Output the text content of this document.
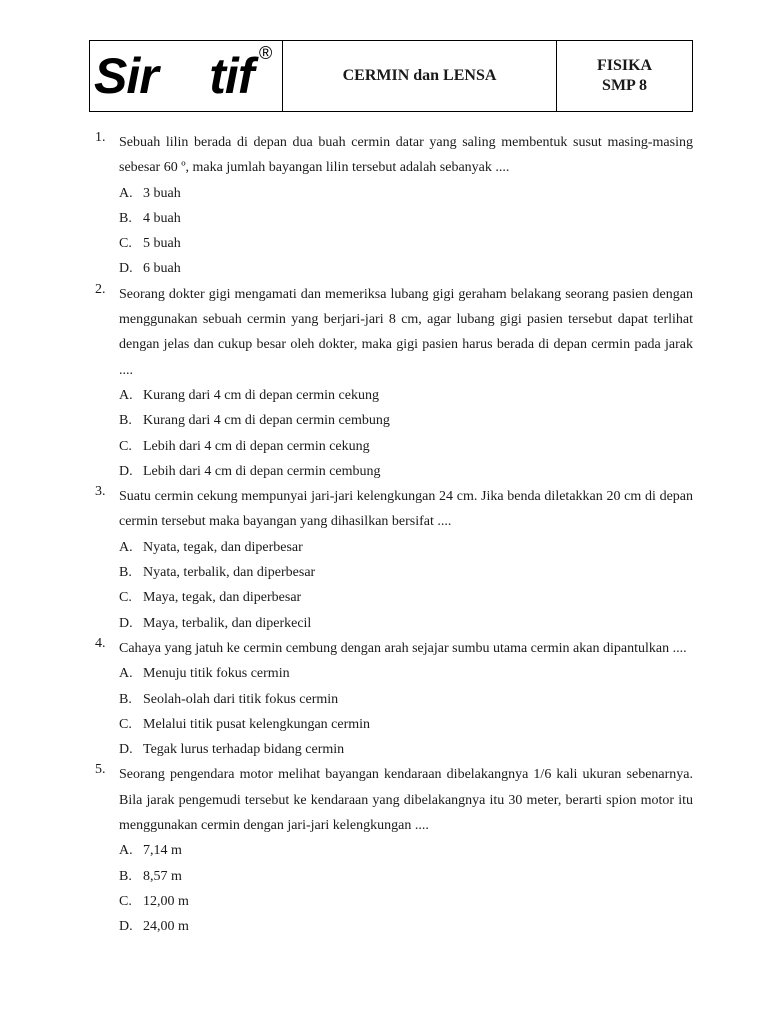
Sir tif ®
CERMIN dan LENSA
FISIKA
SMP 8
1. Sebuah lilin berada di depan dua buah cermin datar yang saling membentuk susut masing-masing sebesar 60 º, maka jumlah bayangan lilin tersebut adalah sebanyak ....
A. 3 buah
B. 4 buah
C. 5 buah
D. 6 buah
2. Seorang dokter gigi mengamati dan memeriksa lubang gigi geraham belakang seorang pasien dengan menggunakan sebuah cermin yang berjari-jari 8 cm, agar lubang gigi pasien tersebut dapat terlihat dengan jelas dan cukup besar oleh dokter, maka gigi pasien harus berada di depan cermin pada jarak ....
A. Kurang dari 4 cm di depan cermin cekung
B. Kurang dari 4 cm di depan cermin cembung
C. Lebih dari 4 cm di depan cermin cekung
D. Lebih dari 4 cm di depan cermin cembung
3. Suatu cermin cekung mempunyai jari-jari kelengkungan 24 cm. Jika benda diletakkan 20 cm di depan cermin tersebut maka bayangan yang dihasilkan bersifat ....
A. Nyata, tegak, dan diperbesar
B. Nyata, terbalik, dan diperbesar
C. Maya, tegak, dan diperbesar
D. Maya, terbalik, dan diperkecil
4. Cahaya yang jatuh ke cermin cembung dengan arah sejajar sumbu utama cermin akan dipantulkan ....
A. Menuju titik fokus cermin
B. Seolah-olah dari titik fokus cermin
C. Melalui titik pusat kelengkungan cermin
D. Tegak lurus terhadap bidang cermin
5. Seorang pengendara motor melihat bayangan kendaraan dibelakangnya 1/6 kali ukuran sebenarnya. Bila jarak pengemudi tersebut ke kendaraan yang dibelakangnya itu 30 meter, berarti spion motor itu menggunakan cermin dengan jari-jari kelengkungan ....
A. 7,14 m
B. 8,57 m
C. 12,00 m
D. 24,00 m
